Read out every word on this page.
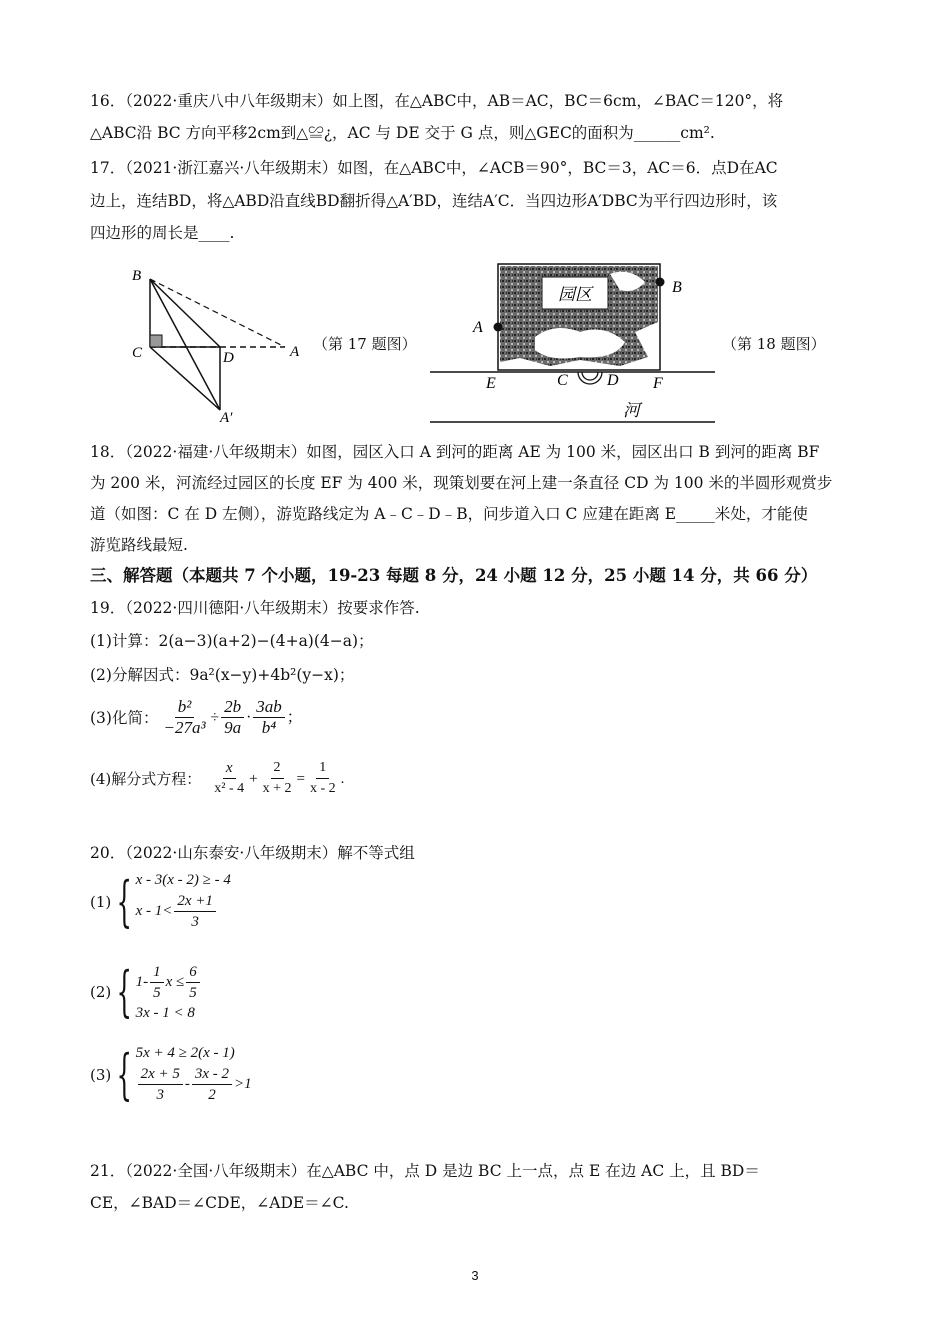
16．（2022·重庆八中八年级期末）如上图，在△ABC中，AB＝AC，BC＝6cm，∠BAC＝120°，将
△ABC沿 BC 方向平移2cm到△≌¿，AC 与 DE 交于 G 点，则△GEC的面积为______cm².
17．（2021·浙江嘉兴·八年级期末）如图，在△ABC中，∠ACB＝90°，BC＝3，AC＝6．点D在AC
边上，连结BD，将△ABD沿直线BD翻折得△A′BD，连结A′C．当四边形A′DBC为平行四边形时，该
四边形的周长是____.
B
C	D	A
A′
（第 17 题图）
园区
A
B
E	C D F
河
（第 18 题图）
18．（2022·福建·八年级期末）如图，园区入口 A 到河的距离 AE 为 100 米，园区出口 B 到河的距离 BF
为 200 米，河流经过园区的长度 EF 为 400 米，现策划要在河上建一条直径 CD 为 100 米的半圆形观赏步
道（如图：C 在 D 左侧），游览路线定为 A﹣C﹣D﹣B，问步道入口 C 应建在距离 E_____米处，才能使
游览路线最短.
三、解答题（本题共 7 个小题，19-23 每题 8 分，24 小题 12 分，25 小题 14 分，共 66 分）
19．（2022·四川德阳·八年级期末）按要求作答.
(1)计算：2(a−3)(a+2)−(4+a)(4−a)；
(2)分解因式：9a²(x−y)+4b²(y−x)；
(3)化简： $\frac{\text{b²}}{\text{−27a³}} \div \frac{2b}{9a} \cdot \frac{3ab}{\text{b⁴}}$ ；
(4)解分式方程： $\frac{x}{\text{x² - 4}} + \frac{2}{x + 2} = \frac{1}{x - 2}$ .
20．（2022·山东泰安·八年级期末）解不等式组
(1) { x - 3(x - 2) ≥ - 4
$x - 1< \frac{2x +1}{3}$
(2) { $1- \frac{1}{5}$ $x \le \frac{6}{5}$
3x - 1 < 8
(3) { 5x + 4 ≥ 2(x - 1)
$\frac{2x + 5}{3} - \frac{3x - 2}{2} >1$
21．（2022·全国·八年级期末）在△ABC 中，点 D 是边 BC 上一点，点 E 在边 AC 上，且 BD＝
CE，∠BAD＝∠CDE，∠ADE＝∠C.
3
